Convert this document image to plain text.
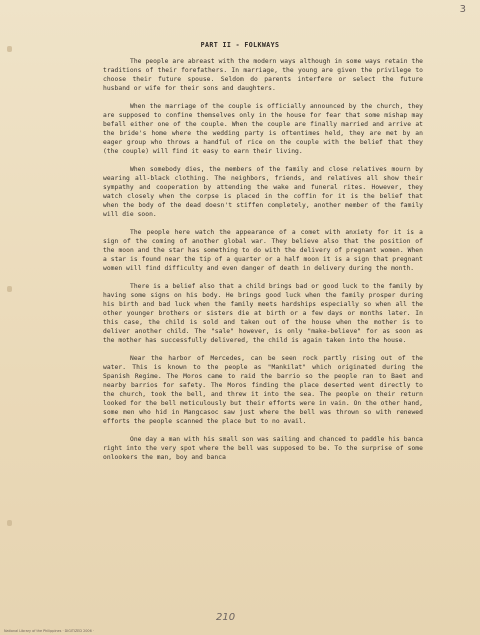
3
PART II - FOLKWAYS

The people are abreast with the modern ways although in some ways retain the traditions of their forefathers. In marriage, the young are given the privilege to choose their future spouse. Seldom do parents interfere or select the future husband or wife for their sons and daughters.

When the marriage of the couple is officially announced by the church, they are supposed to confine themselves only in the house for fear that some mishap may befall either one of the couple. When the couple are finally married and arrive at the bride's home where the wedding party is oftentimes held, they are met by an eager group who throws a handful of rice on the couple with the belief that they (the couple) will find it easy to earn their living.

When somebody dies, the members of the family and close relatives mourn by wearing all-black clothing. The neighbors, friends, and relatives all show their sympathy and cooperation by attending the wake and funeral rites. However, they watch closely when the corpse is placed in the coffin for it is the belief that when the body of the dead doesn't stiffen completely, another member of the family will die soon.

The people here watch the appearance of a comet with anxiety for it is a sign of the coming of another global war. They believe also that the position of the moon and the star has something to do with the delivery of pregnant women. When a star is found near the tip of a quarter or a half moon it is a sign that pregnant women will find difficulty and even danger of death in delivery during the month.

There is a belief also that a child brings bad or good luck to the family by having some signs on his body. He brings good luck when the family prosper during his birth and bad luck when the family meets hardships especially so when all the other younger brothers or sisters die at birth or a few days or months later. In this case, the child is sold and taken out of the house when the mother is to deliver another child. The "sale" however, is only "make-believe" for as soon as the mother has successfully delivered, the child is again taken into the house.

Near the harbor of Mercedes, can be seen rock partly rising out of the water. This is known to the people as "Mankilat" which originated during the Spanish Regime. The Moros came to raid the barrio so the people ran to Baet and nearby barrios for safety. The Moros finding the place deserted went directly to the church, took the bell, and threw it into the sea. The people on their return looked for the bell meticulously but their efforts were in vain. On the other hand, some men who hid in Mangcasoc saw just where the bell was thrown so with renewed efforts the people scanned the place but to no avail.

One day a man with his small son was sailing and chanced to paddle his banca right into the very spot where the bell was supposed to be. To the surprise of some onlookers the man, boy and banca

210
National Library of the Philippines · DIGITIZED 2006 ·
